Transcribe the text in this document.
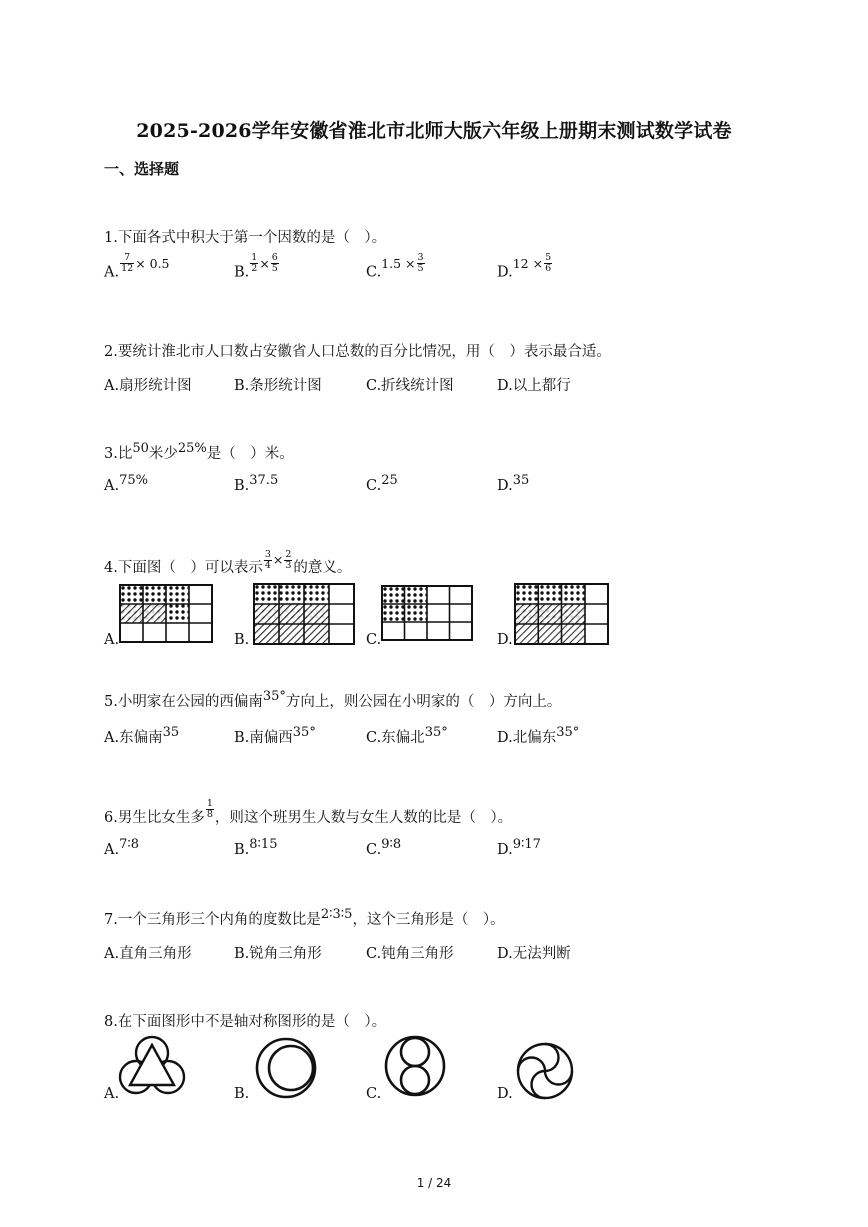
2025-2026学年安徽省淮北市北师大版六年级上册期末测试数学试卷
一、选择题
1.下面各式中积大于第一个因数的是（　）。
A. $\frac{7}{12} \times 0.5$
B. $\frac{1}{2} \times \frac{6}{5}$	$C.1.5 \times \frac{3}{5}$	$D.12 \times \frac{5}{6}$
2.要统计淮北市人口数占安徽省人口总数的百分比情况，用（　）表示最合适。
A.扇形统计图	B.条形统计图	C.折线统计图	D.以上都行
3.比50米少25%是（　）米。
A.75%	B.37.5	C.25	D.35
4.下面图（　）可以表示 $\frac{3}{4} \times \frac{2}{3}$ 的意义。
A.	B.	C.	D.
5.小明家在公园的西偏南35°方向上，则公园在小明家的（　）方向上。
A.东偏南35	B.南偏西35°	C.东偏北35°	D.北偏东35°
6.男生比女生多 $\frac{1}{8}$ ，则这个班男生人数与女生人数的比是（　）。
A.7∶8	B.8∶15	C.9∶8	D.9∶17
7.一个三角形三个内角的度数比是2∶3∶5，这个三角形是（　）。
A.直角三角形	B.锐角三角形	C.钝角三角形	D.无法判断
8.在下面图形中不是轴对称图形的是（　）。
A.	B.	C.	D.
1 / 24
